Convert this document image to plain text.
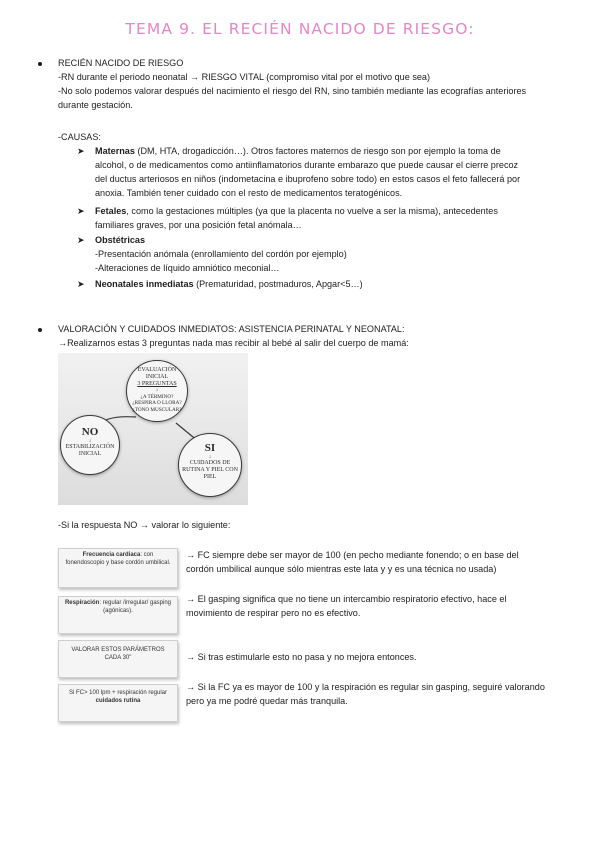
TEMA 9. EL RECIÉN NACIDO DE RIESGO:
RECIÉN NACIDO DE RIESGO
-RN durante el periodo neonatal → RIESGO VITAL (compromiso vital por el motivo que sea)
-No solo podemos valorar después del nacimiento el riesgo del RN, sino también mediante las ecografías anteriores
durante gestación.
-CAUSAS:
➤ Maternas (DM, HTA, drogadicción…). Otros factores maternos de riesgo son por ejemplo la toma de
alcohol, o de medicamentos como antiinflamatorios durante embarazo que puede causar el cierre precoz
del ductus arteriosos en niños (indometacina e ibuprofeno sobre todo) en estos casos el feto fallecerá por
anoxia. También tener cuidado con el resto de medicamentos teratogénicos.
➤ Fetales, como la gestaciones múltiples (ya que la placenta no vuelve a ser la misma), antecedentes
familiares graves, por una posición fetal anómala…
➤ Obstétricas
-Presentación anómala (enrollamiento del cordón por ejemplo)
-Alteraciones de líquido amniótico meconial…
➤ Neonatales inmediatas (Prematuridad, postmaduros, Apgar<5…)
VALORACIÓN Y CUIDADOS INMEDIATOS: ASISTENCIA PERINATAL Y NEONATAL:
→Realizarnos estas 3 preguntas nada mas recibir al bebé al salir del cuerpo de mamá:
EVALUACIÓN INICIAL
3 PREGUNTAS
↓
¿A TÉRMINO?
¿RESPIRA O LLORA?
¿TONO MUSCULAR?
NO
↓
ESTABILIZACIÓN INICIAL
SI
↓
CUIDADOS DE RUTINA Y PIEL CON PIEL
-Si la respuesta NO → valorar lo siguiente:
Frecuencia cardiaca: con fonendoscopio y base cordón umbilical.
Respiración: regular /irregular/ gasping (agónicas).
VALORAR ESTOS PARÁMETROS CADA 30"
Si FC> 100 lpm + respiración regular
cuidados rutina
→ FC siempre debe ser mayor de 100 (en pecho mediante fonendo; o en base del
cordón umbilical aunque sólo mientras este lata y y es una técnica no usada)
→ El gasping significa que no tiene un intercambio respiratorio efectivo, hace el
movimiento de respirar pero no es efectivo.
→ Si tras estimularle esto no pasa y no mejora entonces.
→ Si la FC ya es mayor de 100 y la respiración es regular sin gasping, seguiré valorando
pero ya me podré quedar más tranquila.
